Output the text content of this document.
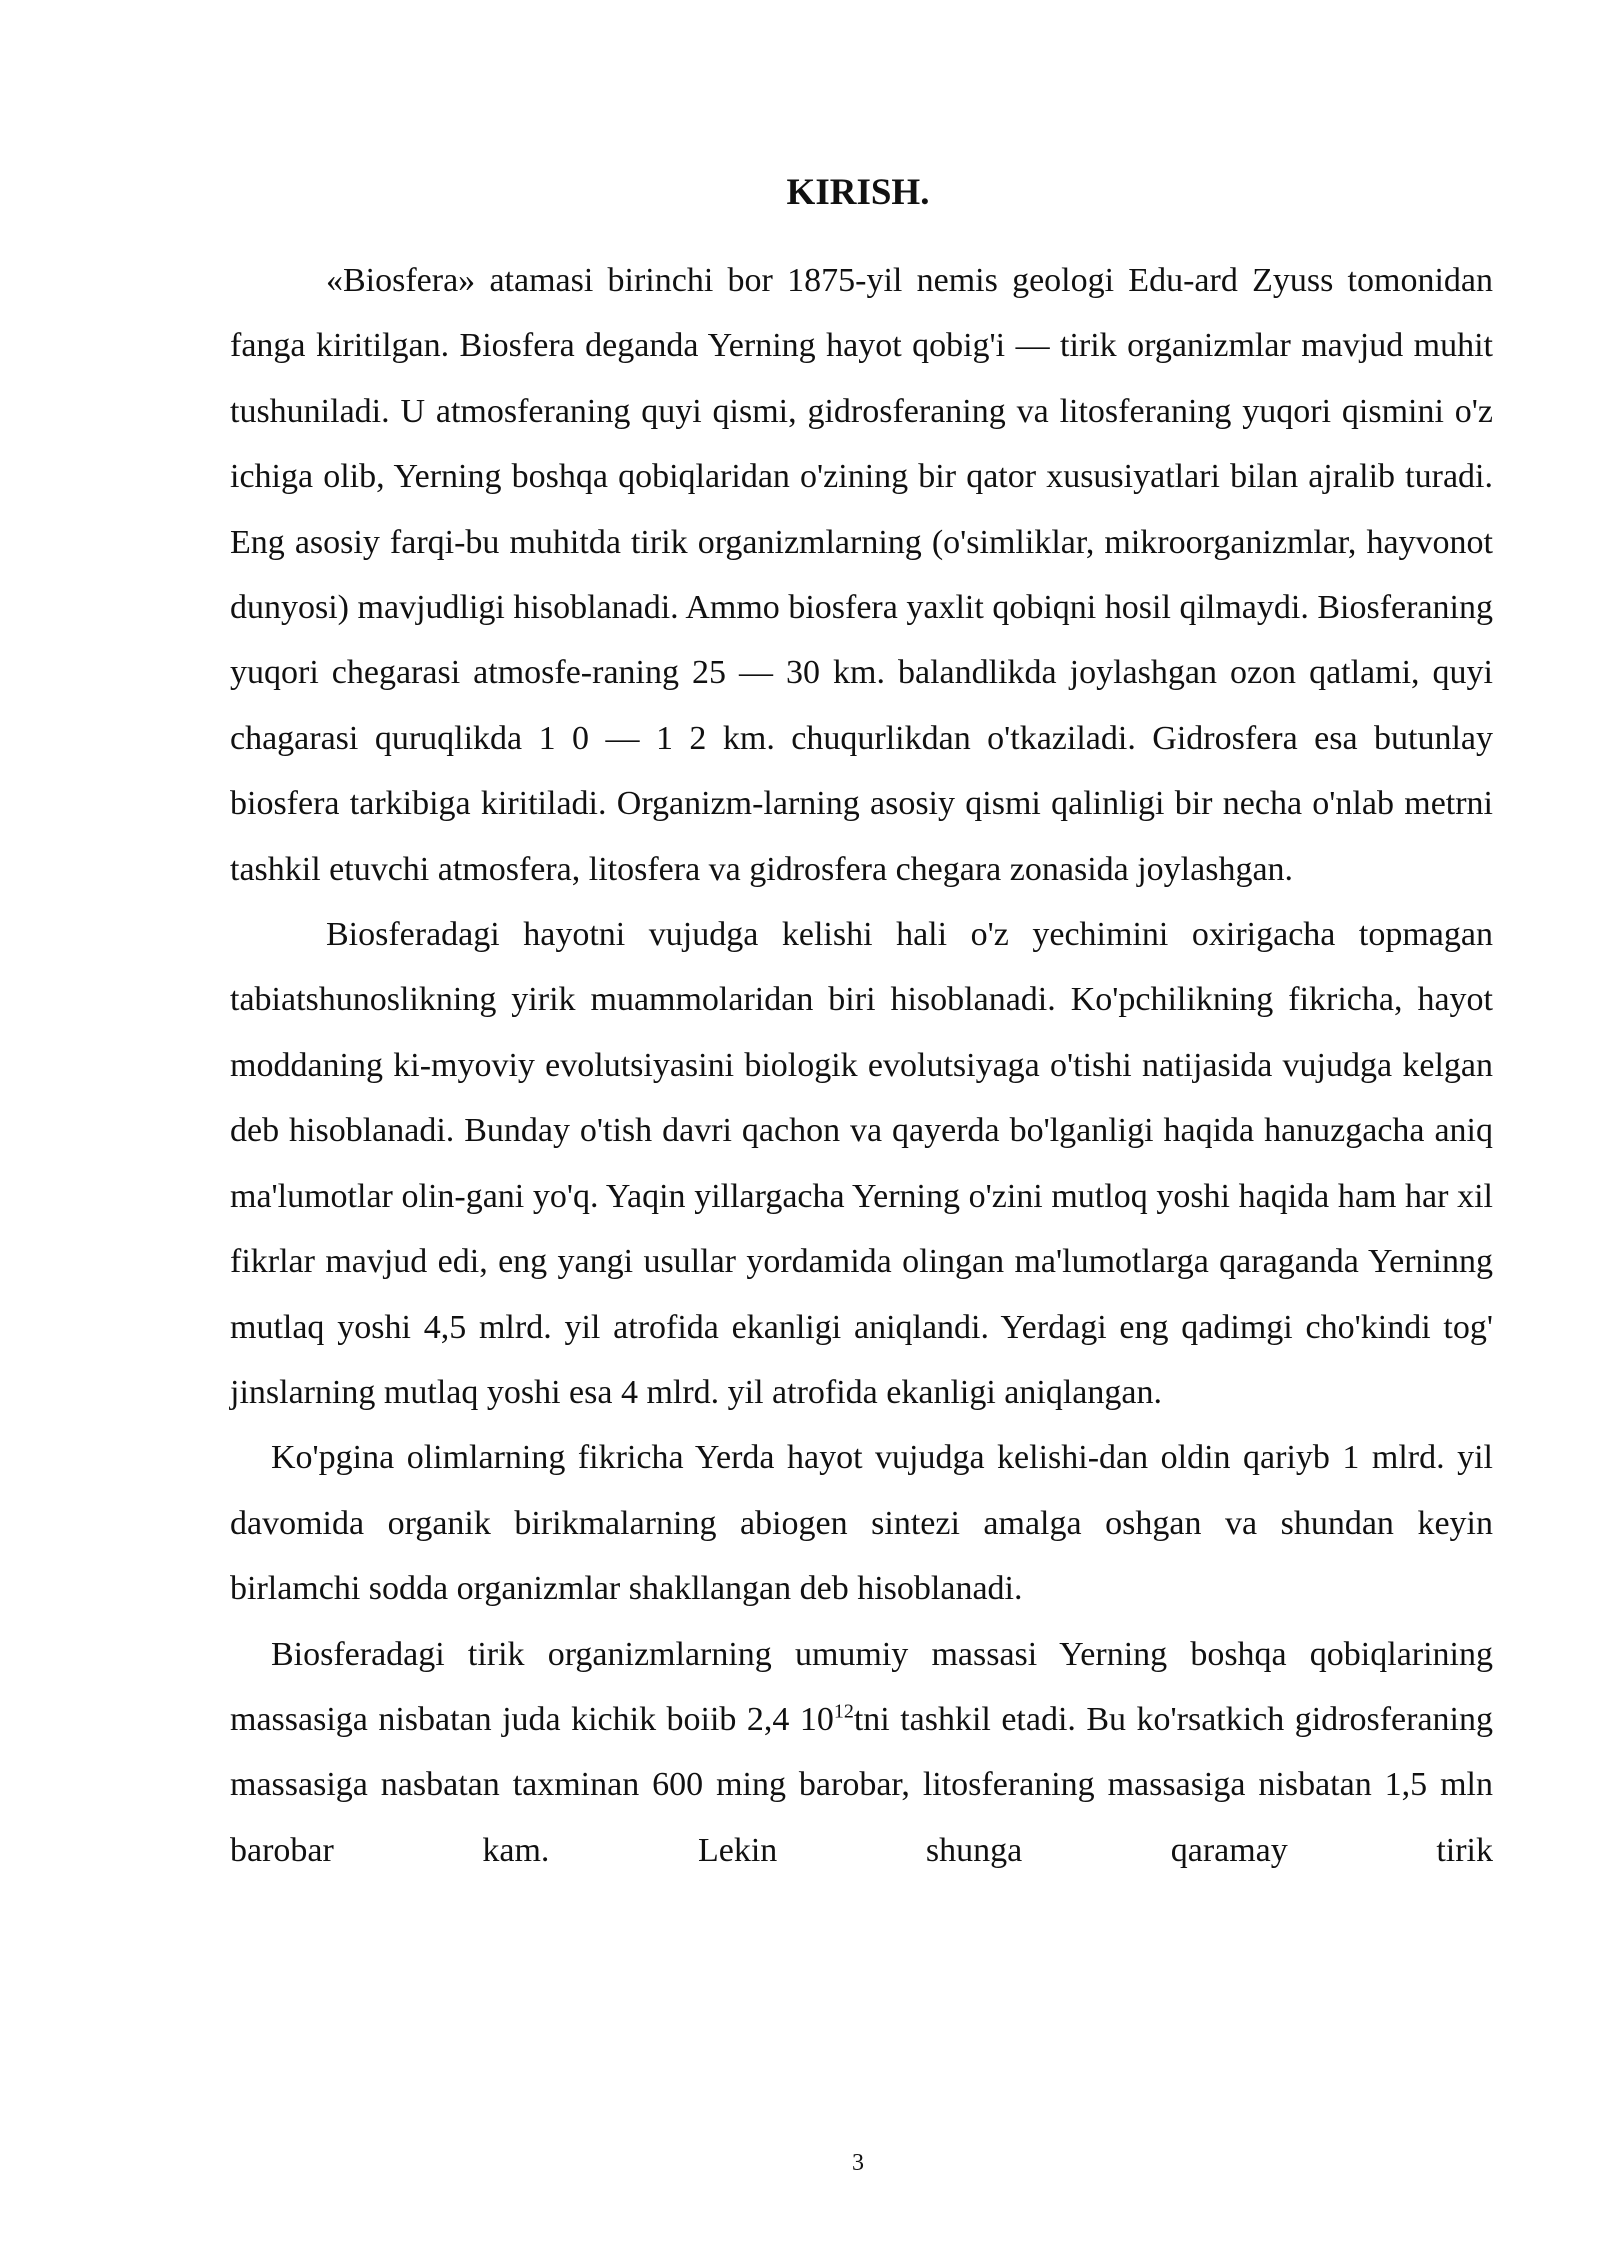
KIRISH.

«Biosfera» atamasi birinchi bor 1875-yil nemis geologi Edu-ard Zyuss tomonidan fanga kiritilgan. Biosfera deganda Yerning hayot qobig'i — tirik organizmlar mavjud muhit tushuniladi. U atmosferaning quyi qismi, gidrosferaning va litosferaning yuqori qismini o'z ichiga olib, Yerning boshqa qobiqlaridan o'zining bir qator xususiyatlari bilan ajralib turadi. Eng asosiy farqi-bu muhitda tirik organizmlarning (o'simliklar, mikroorganizmlar, hayvonot dunyosi) mavjudligi hisoblanadi. Ammo biosfera yaxlit qobiqni hosil qilmaydi. Biosferaning yuqori chegarasi atmosfe-raning 25 — 30 km. balandlikda joylashgan ozon qatlami, quyi chagarasi quruqlikda 1 0 — 1 2 km. chuqurlikdan o'tkaziladi. Gidrosfera esa butunlay biosfera tarkibiga kiritiladi. Organizm-larning asosiy qismi qalinligi bir necha o'nlab metrni tashkil etuvchi atmosfera, litosfera va gidrosfera chegara zonasida joylashgan.

Biosferadagi hayotni vujudga kelishi hali o'z yechimini oxirigacha topmagan tabiatshunoslikning yirik muammolaridan biri hisoblanadi. Ko'pchilikning fikricha, hayot moddaning ki-myoviy evolutsiyasini biologik evolutsiyaga o'tishi natijasida vujudga kelgan deb hisoblanadi. Bunday o'tish davri qachon va qayerda bo'lganligi haqida hanuzgacha aniq ma'lumotlar olin-gani yo'q. Yaqin yillargacha Yerning o'zini mutloq yoshi haqida ham har xil fikrlar mavjud edi, eng yangi usullar yordamida olingan ma'lumotlarga qaraganda Yerninng mutlaq yoshi 4,5 mlrd. yil atrofida ekanligi aniqlandi. Yerdagi eng qadimgi cho'kindi tog' jinslarning mutlaq yoshi esa 4 mlrd. yil atrofida ekanligi aniqlangan.

Ko'pgina olimlarning fikricha Yerda hayot vujudga kelishi-dan oldin qariyb 1 mlrd. yil davomida organik birikmalarning abiogen sintezi amalga oshgan va shundan keyin birlamchi sodda organizmlar shakllangan deb hisoblanadi.

Biosferadagi tirik organizmlarning umumiy massasi Yerning boshqa qobiqlarining massasiga nisbatan juda kichik boiib 2,4 $10^{12}tni$ tashkil etadi. Bu ko'rsatkich gidrosferaning massasiga nasbatan taxminan 600 ming barobar, litosferaning massasiga nisbatan 1,5 mln barobar kam. Lekin shunga qaramay tirik

3
